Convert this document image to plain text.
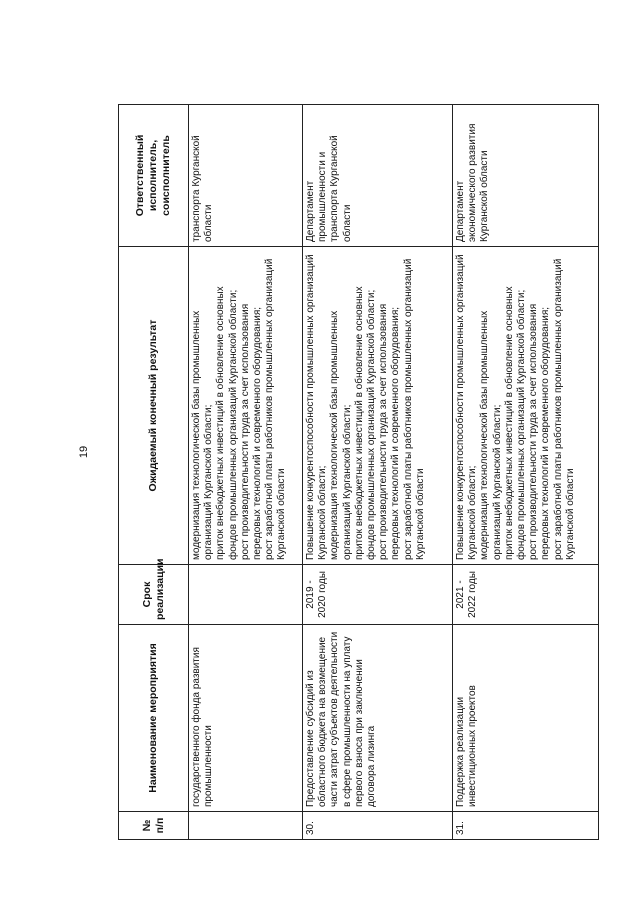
19
№ п/п	Наименование мероприятия	Срок реализации	Ожидаемый конечный результат	Ответственный исполнитель, соисполнитель
	государственного фонда развития промышленности		модернизация технологической базы промышленных организаций Курганской области; приток внебюджетных инвестиций в обновление основных фондов промышленных организаций Курганской области; рост производительности труда за счет использования передовых технологий и современного оборудования; рост заработной платы работников промышленных организаций Курганской области	транспорта Курганской области
30.	Предоставление субсидий из областного бюджета на возмещение части затрат субъектов деятельности в сфере промышленности на уплату первого взноса при заключении договора лизинга	2019 - 2020 годы	Повышение конкурентоспособности промышленных организаций Курганской области; модернизация технологической базы промышленных организаций Курганской области; приток внебюджетных инвестиций в обновление основных фондов промышленных организаций Курганской области; рост производительности труда за счет использования передовых технологий и современного оборудования; рост заработной платы работников промышленных организаций Курганской области	Департамент промышленности и транспорта Курганской области
31.	Поддержка реализации инвестиционных проектов	2021 - 2022 годы	Повышение конкурентоспособности промышленных организаций Курганской области; модернизация технологической базы промышленных организаций Курганской области; приток внебюджетных инвестиций в обновление основных фондов промышленных организаций Курганской области; рост производительности труда за счет использования передовых технологий и современного оборудования; рост заработной платы работников промышленных организаций Курганской области	Департамент экономического развития Курганской области
